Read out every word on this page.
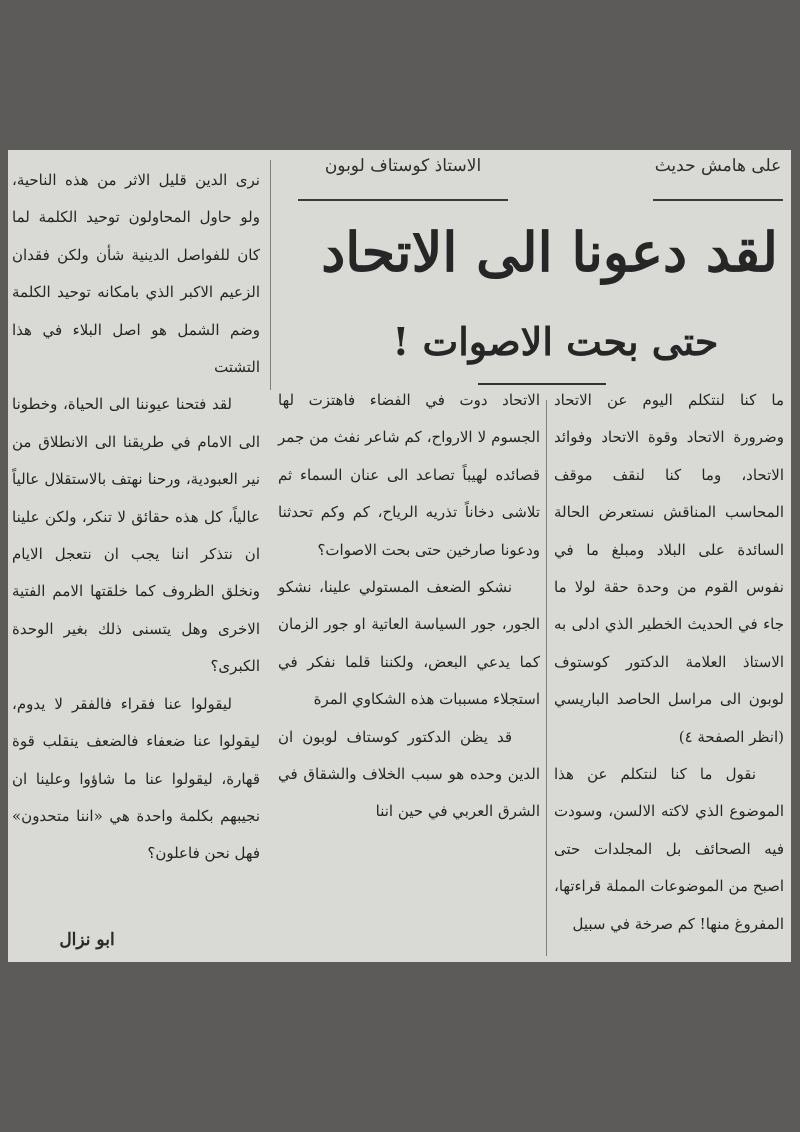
على هامش حديث
الاستاذ كوستاف لوبون
لقد دعونا الى الاتحاد
حتى بحت الاصوات !

ما كنا لنتكلم اليوم عن الاتحاد وضرورة الاتحاد وقوة الاتحاد وفوائد الاتحاد، وما كنا لنقف موقف المحاسب المناقش نستعرض الحالة السائدة على البلاد ومبلغ ما في نفوس القوم من وحدة حقة لولا ما جاء في الحديث الخطير الذي ادلى به الاستاذ العلامة الدكتور كوستوف لوبون الى مراسل الحاصد الباريسي (انظر الصفحة ٤)

نقول ما كنا لنتكلم عن هذا الموضوع الذي لاكته الالسن، وسودت فيه الصحائف بل المجلدات حتى اصبح من الموضوعات المملة قراءتها، المفروغ منها! كم صرخة في سبيل

الاتحاد دوت في الفضاء فاهتزت لها الجسوم لا الارواح، كم شاعر نفث من جمر قصائده لهيباً تصاعد الى عنان السماء ثم تلاشى دخاناً تذريه الرياح، كم وكم تحدثنا ودعونا صارخين حتى بحت الاصوات؟

نشكو الضعف المستولي علينا، نشكو الجور، جور السياسة العاتية او جور الزمان كما يدعي البعض، ولكننا قلما نفكر في استجلاء مسببات هذه الشكاوي المرة

قد يظن الدكتور كوستاف لوبون ان الدين وحده هو سبب الخلاف والشقاق في الشرق العربي في حين اننا

نرى الدين قليل الاثر من هذه الناحية، ولو حاول المحاولون توحيد الكلمة لما كان للفواصل الدينية شأن ولكن فقدان الزعيم الاكبر الذي بامكانه توحيد الكلمة وضم الشمل هو اصل البلاء في هذا التشتت

لقد فتحنا عيوننا الى الحياة، وخطونا الى الامام في طريقنا الى الانطلاق من نير العبودية، ورحنا نهتف بالاستقلال عالياً عالياً، كل هذه حقائق لا تنكر، ولكن علينا ان نتذكر اننا يجب ان نتعجل الايام ونخلق الظروف كما خلقتها الامم الفتية الاخرى وهل يتسنى ذلك بغير الوحدة الكبرى؟

ليقولوا عنا فقراء فالفقر لا يدوم، ليقولوا عنا ضعفاء فالضعف ينقلب قوة قهارة، ليقولوا عنا ما شاؤوا وعلينا ان نجيبهم بكلمة واحدة هي «اننا متحدون» فهل نحن فاعلون؟

ابو نزال
